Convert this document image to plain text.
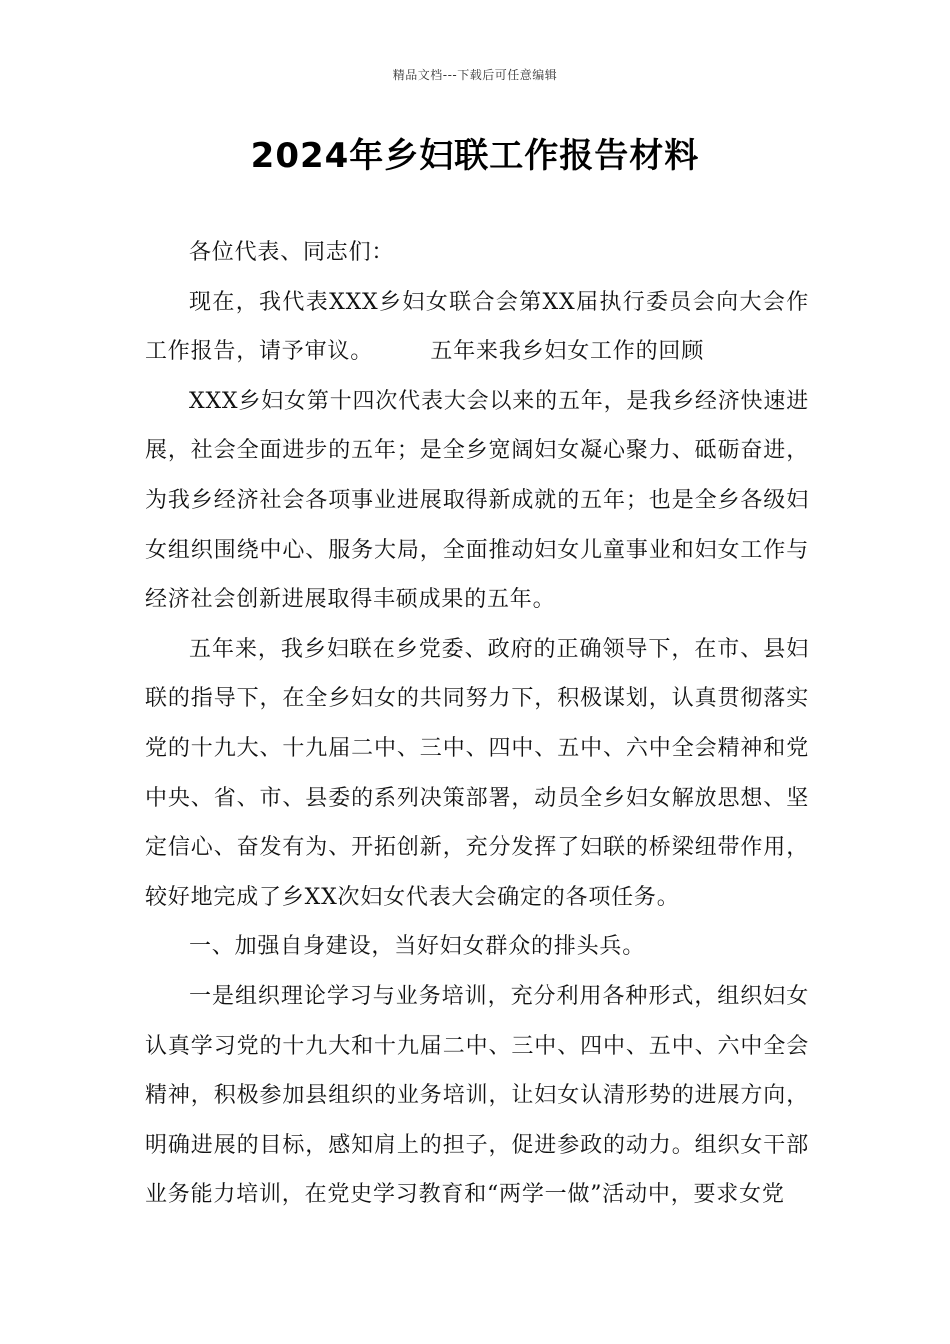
精品文档---下载后可任意编辑
2024年乡妇联工作报告材料

各位代表、同志们：

现在，我代表XXX乡妇女联合会第XX届执行委员会向大会作工作报告，请予审议。　　　五年来我乡妇女工作的回顾

XXX乡妇女第十四次代表大会以来的五年，是我乡经济快速进展，社会全面进步的五年；是全乡宽阔妇女凝心聚力、砥砺奋进，为我乡经济社会各项事业进展取得新成就的五年；也是全乡各级妇女组织围绕中心、服务大局，全面推动妇女儿童事业和妇女工作与经济社会创新进展取得丰硕成果的五年。

五年来，我乡妇联在乡党委、政府的正确领导下，在市、县妇联的指导下，在全乡妇女的共同努力下，积极谋划，认真贯彻落实党的十九大、十九届二中、三中、四中、五中、六中全会精神和党中央、省、市、县委的系列决策部署，动员全乡妇女解放思想、坚定信心、奋发有为、开拓创新，充分发挥了妇联的桥梁纽带作用，较好地完成了乡XX次妇女代表大会确定的各项任务。

一、加强自身建设，当好妇女群众的排头兵。

一是组织理论学习与业务培训，充分利用各种形式，组织妇女认真学习党的十九大和十九届二中、三中、四中、五中、六中全会精神，积极参加县组织的业务培训，让妇女认清形势的进展方向，明确进展的目标，感知肩上的担子，促进参政的动力。组织女干部业务能力培训，在党史学习教育和“两学一做”活动中，要求女党
